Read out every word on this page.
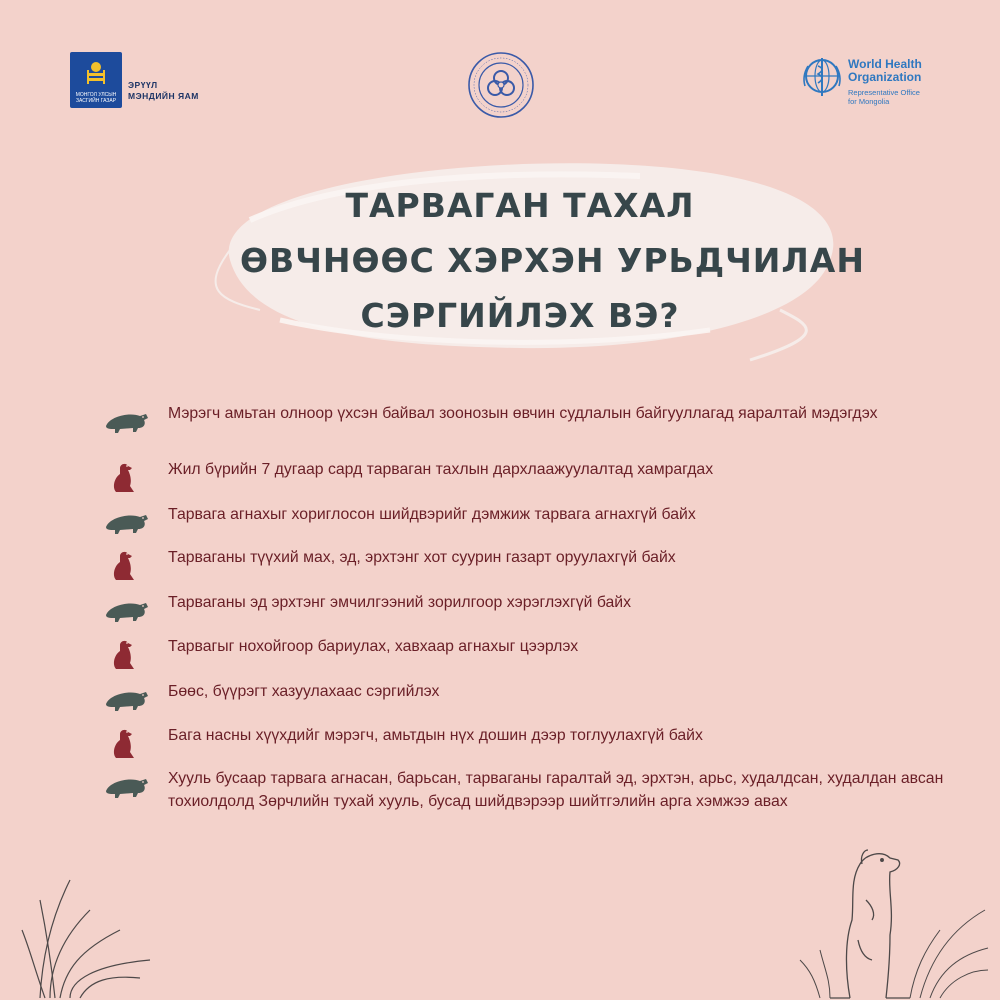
МОНГОЛ УЛСЫН ЗАСГИЙН ГАЗАР
ЭРҮҮЛ
МЭНДИЙН ЯАМ
World Health
Organization
Representative Office
for Mongolia
ТАРВАГАН ТАХАЛ
ӨВЧНӨӨС ХЭРХЭН УРЬДЧИЛАН
СЭРГИЙЛЭХ ВЭ?
Мэрэгч амьтан олноор үхсэн байвал зоонозын өвчин судлалын байгууллагад яаралтай мэдэгдэх
Жил бүрийн 7 дугаар сард тарваган тахлын дархлаажуулалтад хамрагдах
Тарвага агнахыг хориглосон шийдвэрийг дэмжиж тарвага агнахгүй байх
Тарваганы түүхий мах, эд, эрхтэнг хот суурин газарт оруулахгүй байх
Тарваганы эд эрхтэнг эмчилгээний зорилгоор хэрэглэхгүй байх
Тарвагыг нохойгоор бариулах, хавхаар агнахыг цээрлэх
Бөөс, бүүрэгт хазуулахаас сэргийлэх
Бага насны хүүхдийг мэрэгч, амьтдын нүх дошин дээр тоглуулахгүй байх
Хууль бусаар тарвага агнасан, барьсан, тарваганы гаралтай эд, эрхтэн, арьс, худалдсан, худалдан авсан тохиолдолд Зөрчлийн тухай хууль, бусад шийдвэрээр шийтгэлийн арга хэмжээ авах
